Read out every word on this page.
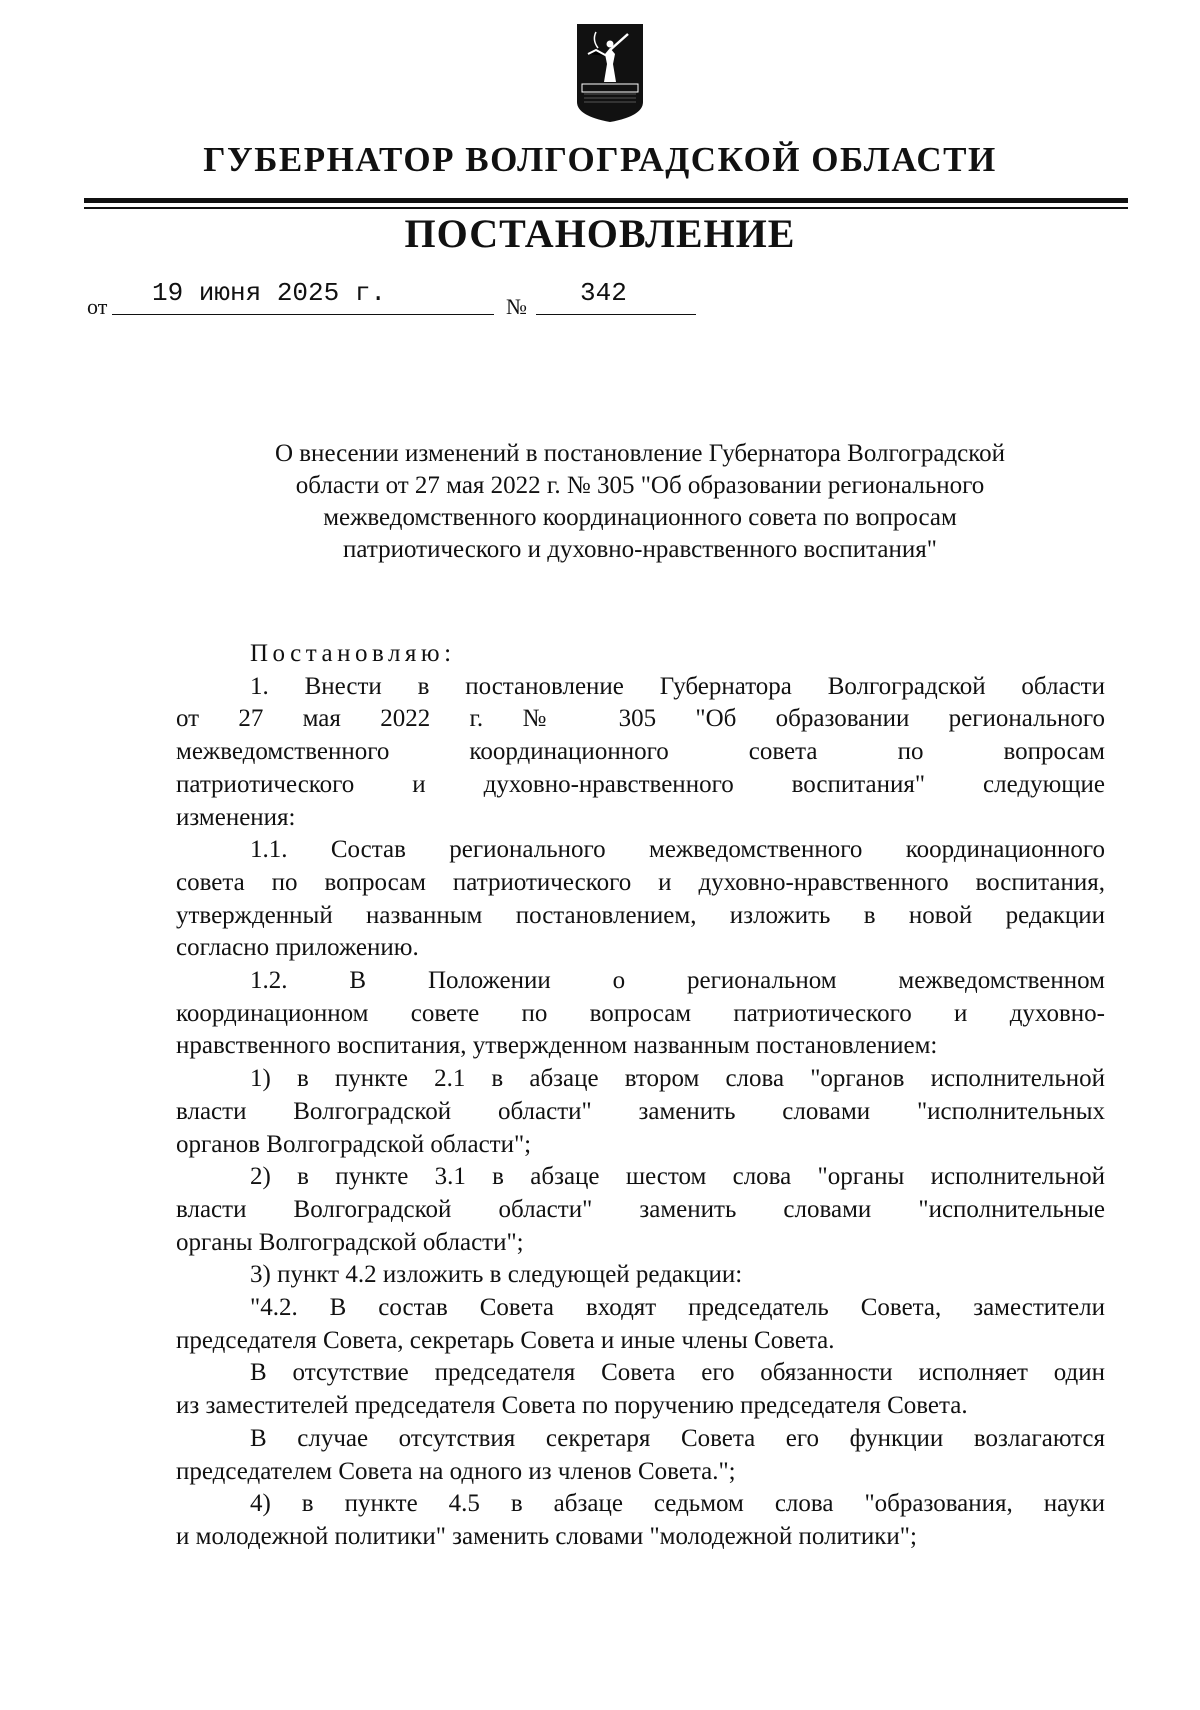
ГУБЕРНАТОР ВОЛГОГРАДСКОЙ ОБЛАСТИ
ПОСТАНОВЛЕНИЕ
от 19 июня 2025 г.	№ 342
О внесении изменений в постановление Губернатора Волгоградской
области от 27 мая 2022 г. № 305 "Об образовании регионального
межведомственного координационного совета по вопросам
патриотического и духовно-нравственного воспитания"
Постановляю:
1. Внести в постановление Губернатора Волгоградской области
от 27 мая 2022 г. № 305 "Об образовании регионального
межведомственного координационного совета по вопросам
патриотического и духовно-нравственного воспитания" следующие
изменения:
1.1. Состав регионального межведомственного координационного
совета по вопросам патриотического и духовно-нравственного воспитания,
утвержденный названным постановлением, изложить в новой редакции
согласно приложению.
1.2. В Положении о региональном межведомственном
координационном совете по вопросам патриотического и духовно-
нравственного воспитания, утвержденном названным постановлением:
1) в пункте 2.1 в абзаце втором слова "органов исполнительной
власти Волгоградской области" заменить словами "исполнительных
органов Волгоградской области";
2) в пункте 3.1 в абзаце шестом слова "органы исполнительной
власти Волгоградской области" заменить словами "исполнительные
органы Волгоградской области";
3) пункт 4.2 изложить в следующей редакции:
"4.2. В состав Совета входят председатель Совета, заместители
председателя Совета, секретарь Совета и иные члены Совета.
В отсутствие председателя Совета его обязанности исполняет один
из заместителей председателя Совета по поручению председателя Совета.
В случае отсутствия секретаря Совета его функции возлагаются
председателем Совета на одного из членов Совета.";
4) в пункте 4.5 в абзаце седьмом слова "образования, науки
и молодежной политики" заменить словами "молодежной политики";
